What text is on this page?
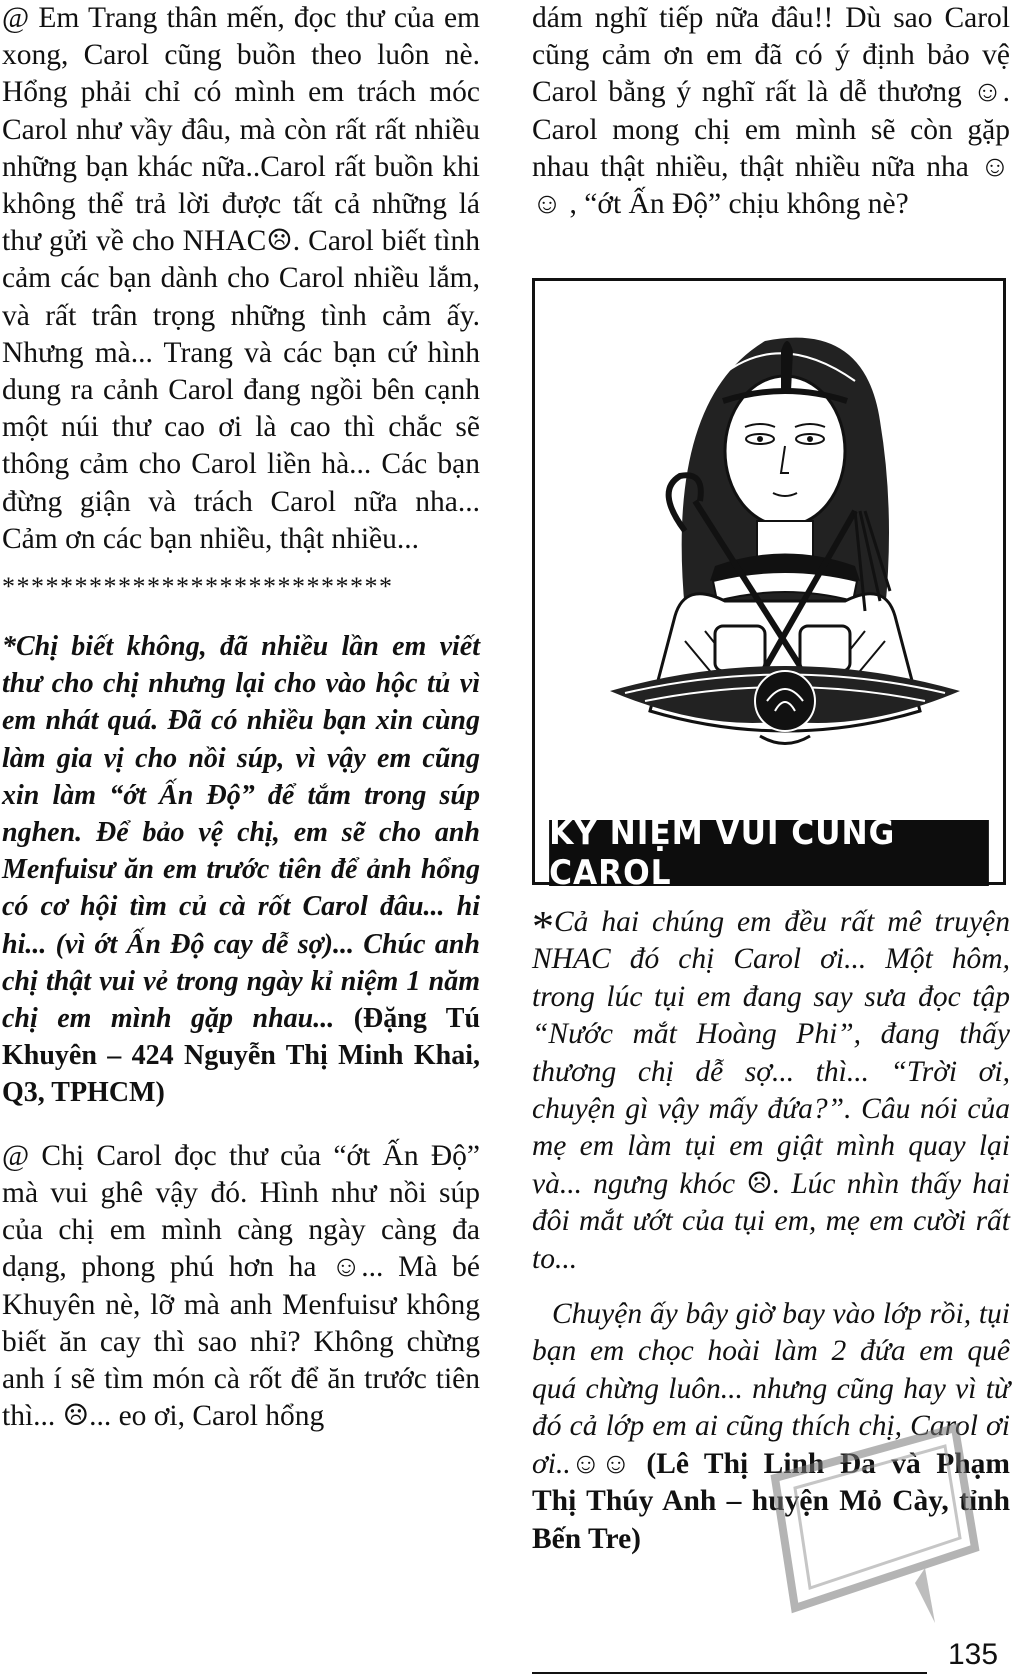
@ Em Trang thân mến, đọc thư của em xong, Carol cũng buồn theo luôn nè. Hổng phải chỉ có mình em trách móc Carol như vầy đâu, mà còn rất rất nhiều những bạn khác nữa..Carol rất buồn khi không thể trả lời được tất cả những lá thư gửi về cho NHAC☹. Carol biết tình cảm các bạn dành cho Carol nhiều lắm, và rất trân trọng những tình cảm ấy. Nhưng mà... Trang và các bạn cứ hình dung ra cảnh Carol đang ngồi bên cạnh một núi thư cao ơi là cao thì chắc sẽ thông cảm cho Carol liền hà... Các bạn đừng giận và trách Carol nữa nha... Cảm ơn các bạn nhiều, thật nhiều...

***************************

*Chị biết không, đã nhiều lần em viết thư cho chị nhưng lại cho vào hộc tủ vì em nhát quá. Đã có nhiều bạn xin cùng làm gia vị cho nồi súp, vì vậy em cũng xin làm “ớt Ấn Độ” để tắm trong súp nghen. Để bảo vệ chị, em sẽ cho anh Menfuisư ăn em trước tiên để ảnh hổng có cơ hội tìm củ cà rốt Carol đâu... hi hi... (vì ớt Ấn Độ cay dễ sợ)... Chúc anh chị thật vui vẻ trong ngày kỉ niệm 1 năm chị em mình gặp nhau... (Đặng Tú Khuyên – 424 Nguyễn Thị Minh Khai, Q3, TPHCM)

@ Chị Carol đọc thư của “ớt Ấn Độ” mà vui ghê vậy đó. Hình như nồi súp của chị em mình càng ngày càng đa dạng, phong phú hơn ha ☺... Mà bé Khuyên nè, lỡ mà anh Menfuisư không biết ăn cay thì sao nhỉ? Không chừng anh í sẽ tìm món cà rốt để ăn trước tiên thì... ☹... eo ơi, Carol hổng

dám nghĩ tiếp nữa đâu!! Dù sao Carol cũng cảm ơn em đã có ý định bảo vệ Carol bằng ý nghĩ rất là dễ thương ☺. Carol mong chị em mình sẽ còn gặp nhau thật nhiều, thật nhiều nữa nha ☺☺ , “ớt Ấn Độ” chịu không nè?

KỶ NIỆM VUI CÙNG CAROL

*Cả hai chúng em đều rất mê truyện NHAC đó chị Carol ơi... Một hôm, trong lúc tụi em đang say sưa đọc tập “Nước mắt Hoàng Phi”, đang thấy thương chị dễ sợ... thì... “Trời ơi, chuyện gì vậy mấy đứa?”. Câu nói của mẹ em làm tụi em giật mình quay lại và... ngưng khóc ☹. Lúc nhìn thấy hai đôi mắt ướt của tụi em, mẹ em cười rất to...

Chuyện ấy bây giờ bay vào lớp rồi, tụi bạn em chọc hoài làm 2 đứa em quê quá chừng luôn... nhưng cũng hay vì từ đó cả lớp em ai cũng thích chị, Carol ơi ơi..☺☺ (Lê Thị Linh Đa và Phạm Thị Thúy Anh – huyện Mỏ Cày, tỉnh Bến Tre)

135
